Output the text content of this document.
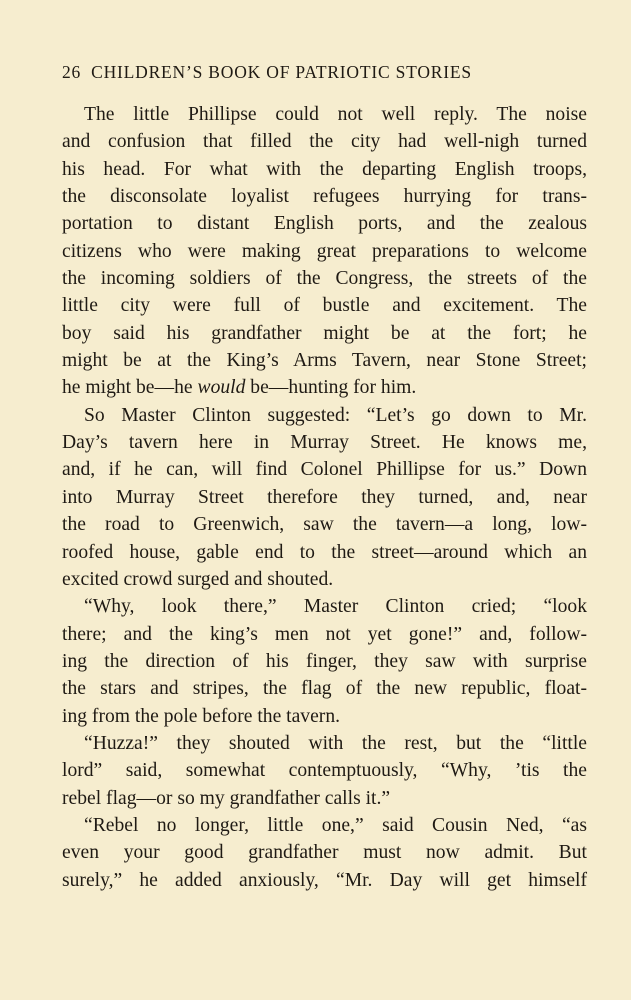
26 CHILDREN’S BOOK OF PATRIOTIC STORIES
The little Phillipse could not well reply. The noise
and confusion that filled the city had well-nigh turned
his head. For what with the departing English troops,
the disconsolate loyalist refugees hurrying for trans-
portation to distant English ports, and the zealous
citizens who were making great preparations to welcome
the incoming soldiers of the Congress, the streets of the
little city were full of bustle and excitement. The
boy said his grandfather might be at the fort; he
might be at the King’s Arms Tavern, near Stone Street;
he might be—he would be—hunting for him.
So Master Clinton suggested: “Let’s go down to Mr.
Day’s tavern here in Murray Street. He knows me,
and, if he can, will find Colonel Phillipse for us.” Down
into Murray Street therefore they turned, and, near
the road to Greenwich, saw the tavern—a long, low-
roofed house, gable end to the street—around which an
excited crowd surged and shouted.
“Why, look there,” Master Clinton cried; “look
there; and the king’s men not yet gone!” and, follow-
ing the direction of his finger, they saw with surprise
the stars and stripes, the flag of the new republic, float-
ing from the pole before the tavern.
“Huzza!” they shouted with the rest, but the “little
lord” said, somewhat contemptuously, “Why, ’tis the
rebel flag—or so my grandfather calls it.”
“Rebel no longer, little one,” said Cousin Ned, “as
even your good grandfather must now admit. But
surely,” he added anxiously, “Mr. Day will get himself
